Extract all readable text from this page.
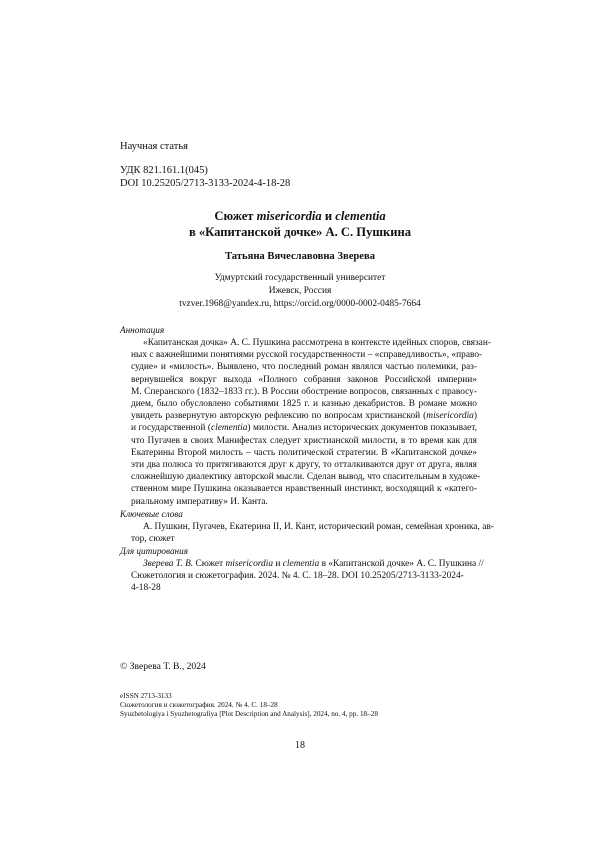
Научная статья
УДК 821.161.1(045)
DOI 10.25205/2713-3133-2024-4-18-28
Сюжет misericordia и clementia
в «Капитанской дочке» А. С. Пушкина
Татьяна Вячеславовна Зверева
Удмуртский государственный университет
Ижевск, Россия
tvzver.1968@yandex.ru, https://orcid.org/0000-0002-0485-7664
Аннотация
«Капитанская дочка» А. С. Пушкина рассмотрена в контексте идейных споров, связан-
ных с важнейшими понятиями русской государственности – «справедливость», «право-
судие» и «милость». Выявлено, что последний роман являлся частью полемики, раз-
вернувшейся вокруг выхода «Полного собрания законов Российской империи»
М. Сперанского (1832–1833 гг.). В России обострение вопросов, связанных с правосу-
дием, было обусловлено событиями 1825 г. и казнью декабристов. В романе можно
увидеть развернутую авторскую рефлексию по вопросам христианской (misericordia)
и государственной (clementia) милости. Анализ исторических документов показывает,
что Пугачев в своих Манифестах следует христианской милости, в то время как для
Екатерины Второй милость – часть политической стратегии. В «Капитанской дочке»
эти два полюса то притягиваются друг к другу, то отталкиваются друг от друга, являя
сложнейшую диалектику авторской мысли. Сделан вывод, что спасительным в художе-
ственном мире Пушкина оказывается нравственный инстинкт, восходящий к «катего-
риальному императиву» И. Канта.
Ключевые слова
А. Пушкин, Пугачев, Екатерина II, И. Кант, исторический роман, семейная хроника, ав-
тор, сюжет
Для цитирования
Зверева Т. В. Сюжет misericordia и clementia в «Капитанской дочке» А. С. Пушкина //
Сюжетология и сюжетография. 2024. № 4. С. 18–28. DOI 10.25205/2713-3133-2024-
4-18-28
© Зверева Т. В., 2024
eISSN 2713-3133
Сюжетология и сюжетография. 2024. № 4. С. 18–28
Syuzhetologiya i Syuzhetografiya [Plot Description and Analysis], 2024, no. 4, pp. 18–28
18
